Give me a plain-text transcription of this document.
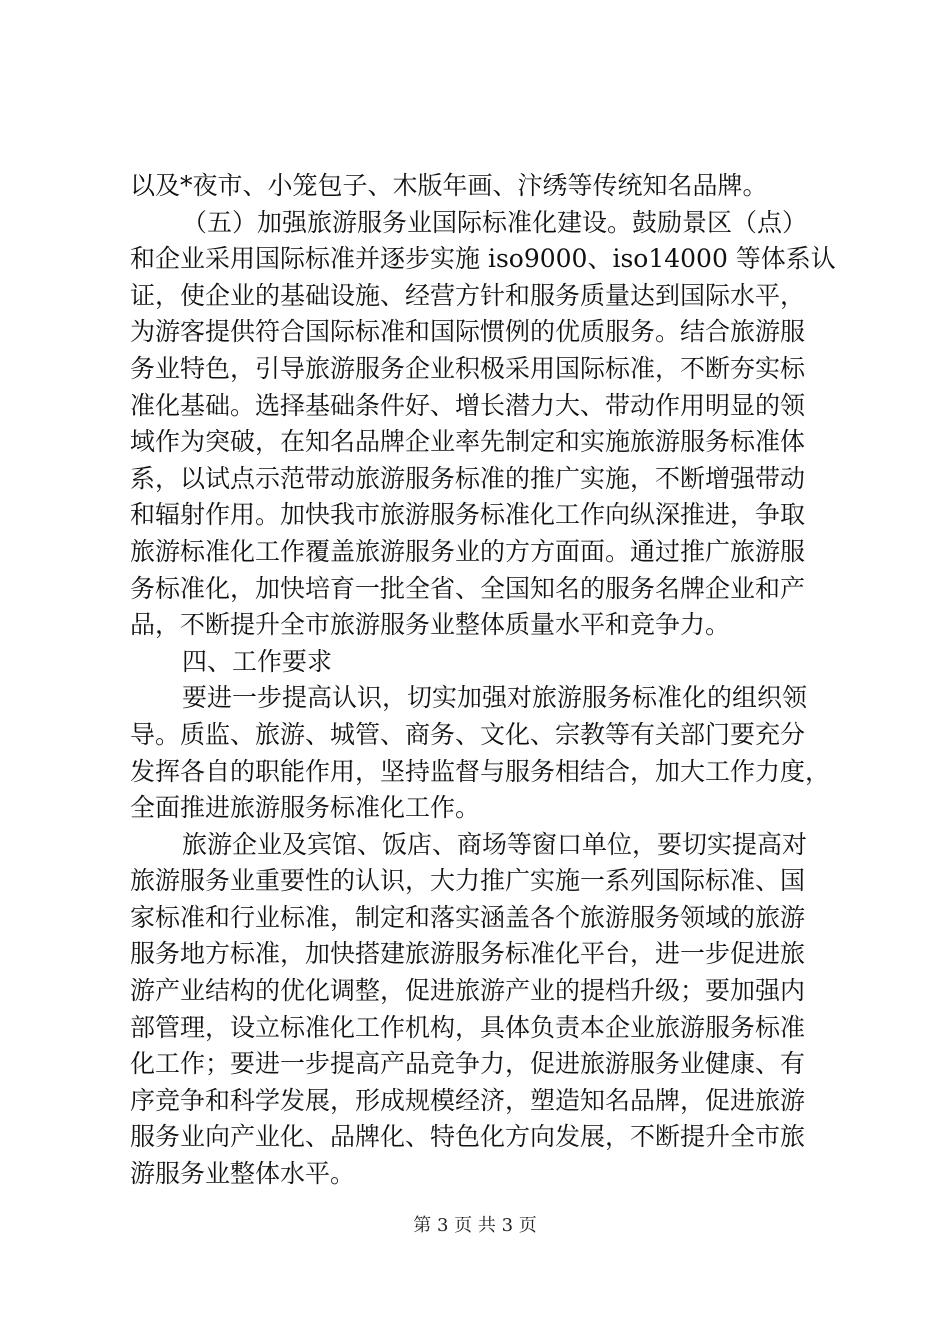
以及*夜市、小笼包子、木版年画、汴绣等传统知名品牌。
（五）加强旅游服务业国际标准化建设。鼓励景区（点）
和企业采用国际标准并逐步实施 iso9000、iso14000 等体系认
证，使企业的基础设施、经营方针和服务质量达到国际水平，
为游客提供符合国际标准和国际惯例的优质服务。结合旅游服
务业特色，引导旅游服务企业积极采用国际标准，不断夯实标
准化基础。选择基础条件好、增长潜力大、带动作用明显的领
域作为突破，在知名品牌企业率先制定和实施旅游服务标准体
系，以试点示范带动旅游服务标准的推广实施，不断增强带动
和辐射作用。加快我市旅游服务标准化工作向纵深推进，争取
旅游标准化工作覆盖旅游服务业的方方面面。通过推广旅游服
务标准化，加快培育一批全省、全国知名的服务名牌企业和产
品，不断提升全市旅游服务业整体质量水平和竞争力。
四、工作要求
要进一步提高认识，切实加强对旅游服务标准化的组织领
导。质监、旅游、城管、商务、文化、宗教等有关部门要充分
发挥各自的职能作用，坚持监督与服务相结合，加大工作力度，
全面推进旅游服务标准化工作。
旅游企业及宾馆、饭店、商场等窗口单位，要切实提高对
旅游服务业重要性的认识，大力推广实施一系列国际标准、国
家标准和行业标准，制定和落实涵盖各个旅游服务领域的旅游
服务地方标准，加快搭建旅游服务标准化平台，进一步促进旅
游产业结构的优化调整，促进旅游产业的提档升级；要加强内
部管理，设立标准化工作机构，具体负责本企业旅游服务标准
化工作；要进一步提高产品竞争力，促进旅游服务业健康、有
序竞争和科学发展，形成规模经济，塑造知名品牌，促进旅游
服务业向产业化、品牌化、特色化方向发展，不断提升全市旅
游服务业整体水平。
第 3 页 共 3 页
